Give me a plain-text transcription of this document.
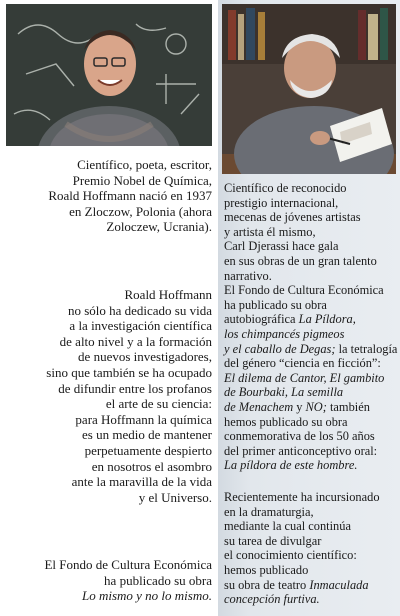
Científico, poeta, escritor,
Premio Nobel de Química,
Roald Hoffmann nació en 1937
en Zloczow, Polonia (ahora
Zoloczew, Ucrania).
Roald Hoffmann
no sólo ha dedicado su vida
a la investigación científica
de alto nivel y a la formación
de nuevos investigadores,
sino que también se ha ocupado
de difundir entre los profanos
el arte de su ciencia:
para Hoffmann la química
es un medio de mantener
perpetuamente despierto
en nosotros el asombro
ante la maravilla de la vida
y el Universo.
El Fondo de Cultura Económica
ha publicado su obra
Lo mismo y no lo mismo.
Científico de reconocido
prestigio internacional,
mecenas de jóvenes artistas
y artista él mismo,
Carl Djerassi hace gala
en sus obras de un gran talento
narrativo.
El Fondo de Cultura Económica
ha publicado su obra
autobiográfica La Píldora,
los chimpancés pigmeos
y el caballo de Degas; la tetralogía
del género “ciencia en ficción”:
El dilema de Cantor, El gambito
de Bourbaki, La semilla
de Menachem y NO; también
hemos publicado su obra
conmemorativa de los 50 años
del primer anticonceptivo oral:
La píldora de este hombre.
Recientemente ha incursionado
en la dramaturgia,
mediante la cual continúa
su tarea de divulgar
el conocimiento científico:
hemos publicado
su obra de teatro Inmaculada
concepción furtiva.
